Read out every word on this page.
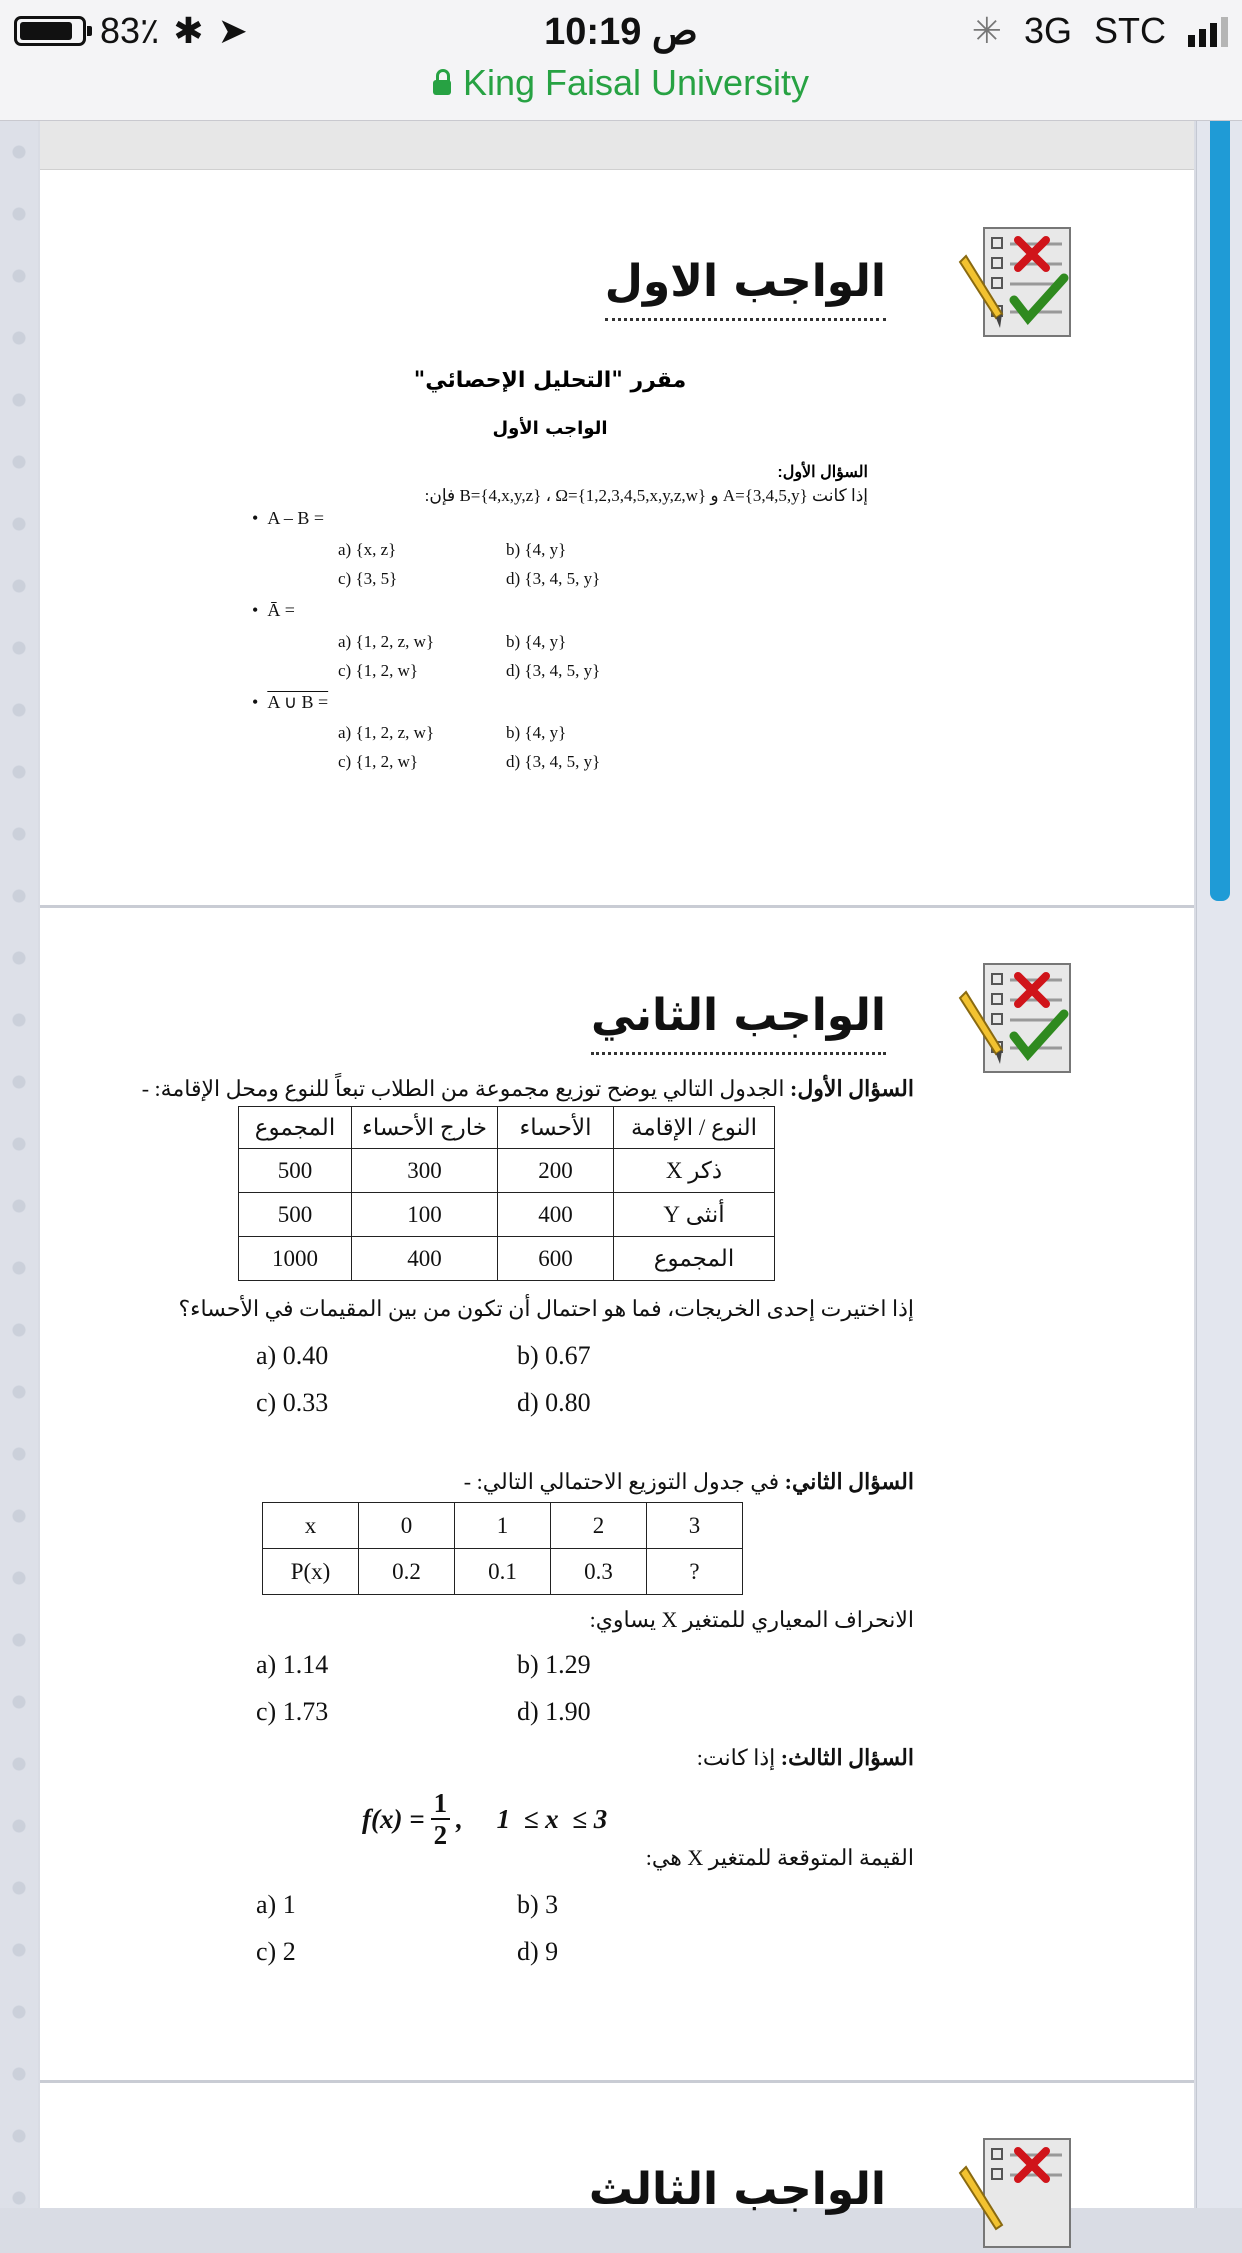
83٪ ✱ ➤	10:19 ص	✳ 3G STC
King Faisal University
الواجب الاول
مقرر "التحليل الإحصائي"
الواجب الأول
السؤال الأول:
إذا كانت A={3,4,5,y} و B={4,x,y,z} ، Ω={1,2,3,4,5,x,y,z,w} فإن:
•  A – B =
a) {x, z}	b) {4, y}
c) {3, 5}	d) {3, 4, 5, y}
•  Ā =
a) {1, 2, z, w}	b) {4, y}
c) {1, 2, w}	d) {3, 4, 5, y}
•  A ∪ B =
a) {1, 2, z, w}	b) {4, y}
c) {1, 2, w}	d) {3, 4, 5, y}
الواجب الثاني
السؤال الأول: الجدول التالي يوضح توزيع مجموعة من الطلاب تبعاً للنوع ومحل الإقامة: -
النوع / الإقامة	الأحساء	خارج الأحساء	المجموع
ذكر X	200	300	500
أنثى Y	400	100	500
المجموع	600	400	1000
إذا اختيرت إحدى الخريجات، فما هو احتمال أن تكون من بين المقيمات في الأحساء؟
a) 0.40	b) 0.67
c) 0.33	d) 0.80
السؤال الثاني: في جدول التوزيع الاحتمالي التالي: -
x	0	1	2	3
P(x)	0.2	0.1	0.3	?
الانحراف المعياري للمتغير X يساوي:
a) 1.14	b) 1.29
c) 1.73	d) 1.90
السؤال الثالث: إذا كانت:
$f(x) = \frac{1}{2}$ ,     1  ≤ x  ≤ 3
القيمة المتوقعة للمتغير X هي:
a) 1	b) 3
c) 2	d) 9
الواجب الثالث
